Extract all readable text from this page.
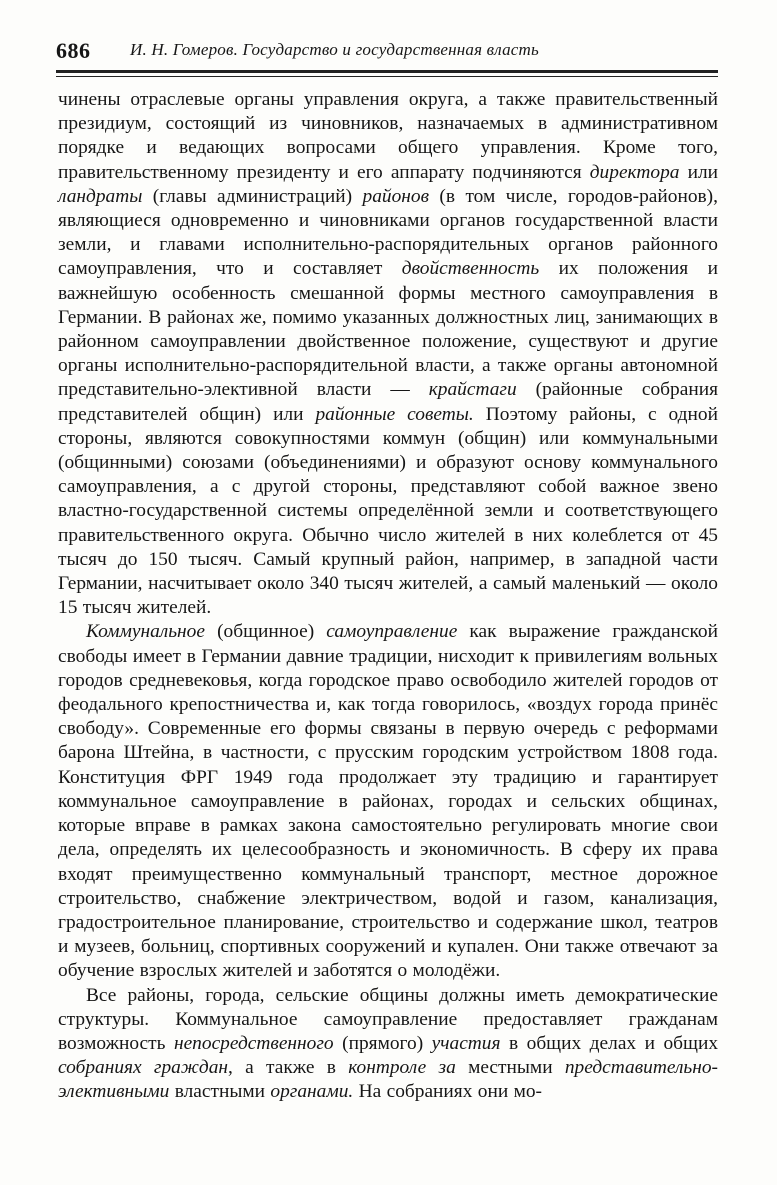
686 И. Н. Гомеров. Государство и государственная власть

чинены отраслевые органы управления округа, а также правительственный президиум, состоящий из чиновников, назначаемых в административном порядке и ведающих вопросами общего управления. Кроме того, правительственному президенту и его аппарату подчиняются директора или ландраты (главы администраций) районов (в том числе, городов-районов), являющиеся одновременно и чиновниками органов государственной власти земли, и главами исполнительно-распорядительных органов районного самоуправления, что и составляет двойственность их положения и важнейшую особенность смешанной формы местного самоуправления в Германии. В районах же, помимо указанных должностных лиц, занимающих в районном самоуправлении двойственное положение, существуют и другие органы исполнительно-распорядительной власти, а также органы автономной представительно-элективной власти — крайстаги (районные собрания представителей общин) или районные советы. Поэтому районы, с одной стороны, являются совокупностями коммун (общин) или коммунальными (общинными) союзами (объединениями) и образуют основу коммунального самоуправления, а с другой стороны, представляют собой важное звено властно-государственной системы определённой земли и соответствующего правительственного округа. Обычно число жителей в них колеблется от 45 тысяч до 150 тысяч. Самый крупный район, например, в западной части Германии, насчитывает около 340 тысяч жителей, а самый маленький — около 15 тысяч жителей.

Коммунальное (общинное) самоуправление как выражение гражданской свободы имеет в Германии давние традиции, нисходит к привилегиям вольных городов средневековья, когда городское право освободило жителей городов от феодального крепостничества и, как тогда говорилось, «воздух города принёс свободу». Современные его формы связаны в первую очередь с реформами барона Штейна, в частности, с прусским городским устройством 1808 года. Конституция ФРГ 1949 года продолжает эту традицию и гарантирует коммунальное самоуправление в районах, городах и сельских общинах, которые вправе в рамках закона самостоятельно регулировать многие свои дела, определять их целесообразность и экономичность. В сферу их права входят преимущественно коммунальный транспорт, местное дорожное строительство, снабжение электричеством, водой и газом, канализация, градостроительное планирование, строительство и содержание школ, театров и музеев, больниц, спортивных сооружений и купален. Они также отвечают за обучение взрослых жителей и заботятся о молодёжи.

Все районы, города, сельские общины должны иметь демократические структуры. Коммунальное самоуправление предоставляет гражданам возможность непосредственного (прямого) участия в общих делах и общих собраниях граждан, а также в контроле за местными представительно-элективными властными органами. На собраниях они мо-
